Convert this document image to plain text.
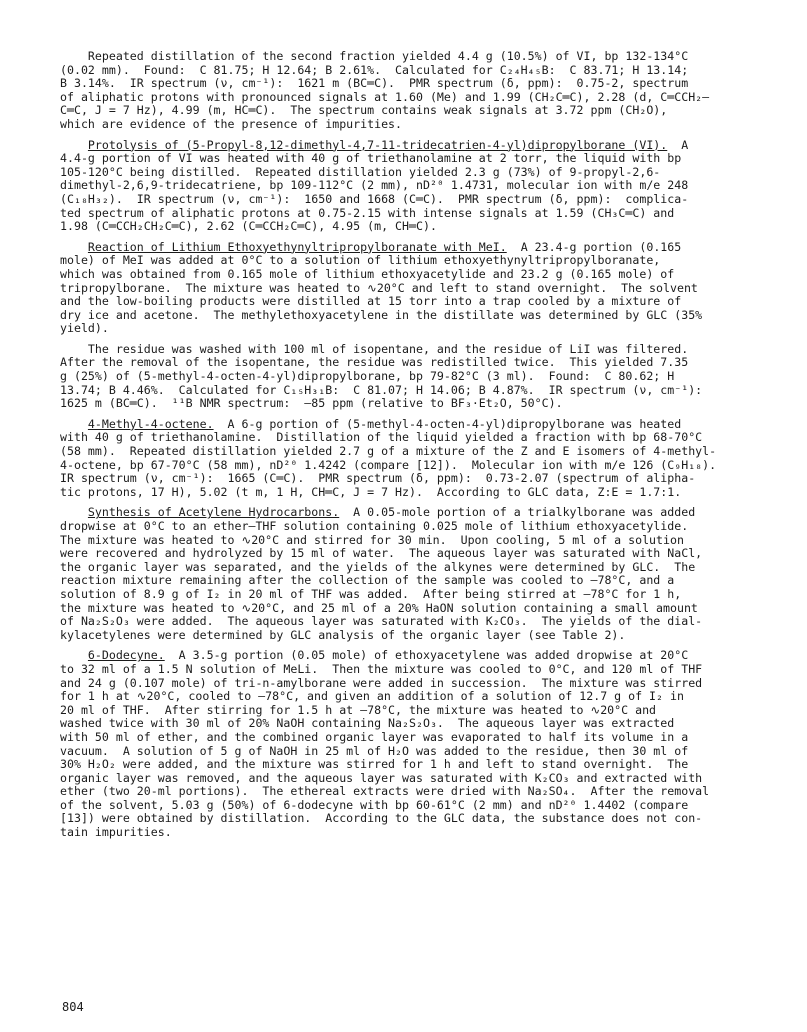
Repeated distillation of the second fraction yielded 4.4 g (10.5%) of VI, bp 132-134°C
(0.02 mm).  Found:  C 81.75; H 12.64; B 2.61%.  Calculated for C₂₄H₄₅B:  C 83.71; H 13.14;
B 3.14%.  IR spectrum (ν, cm⁻¹):  1621 m (BC═C).  PMR spectrum (δ, ppm):  0.75-2, spectrum
of aliphatic protons with pronounced signals at 1.60 (Me) and 1.99 (CH₂C═C), 2.28 (d, C═CCH₂—
C═C, J = 7 Hz), 4.99 (m, HC═C).  The spectrum contains weak signals at 3.72 ppm (CH₂O),
which are evidence of the presence of impurities.
Protolysis of (5-Propyl-8,12-dimethyl-4,7-11-tridecatrien-4-yl)dipropylborane (VI).  A
4.4-g portion of VI was heated with 40 g of triethanolamine at 2 torr, the liquid with bp
105-120°C being distilled.  Repeated distillation yielded 2.3 g (73%) of 9-propyl-2,6-
dimethyl-2,6,9-tridecatriene, bp 109-112°C (2 mm), nD²⁰ 1.4731, molecular ion with m/e 248
(C₁₈H₃₂).  IR spectrum (ν, cm⁻¹):  1650 and 1668 (C═C).  PMR spectrum (δ, ppm):  complica-
ted spectrum of aliphatic protons at 0.75-2.15 with intense signals at 1.59 (CH₃C═C) and
1.98 (C═CCH₂CH₂C═C), 2.62 (C═CCH₂C═C), 4.95 (m, CH═C).
Reaction of Lithium Ethoxyethynyltripropylboranate with MeI.  A 23.4-g portion (0.165
mole) of MeI was added at 0°C to a solution of lithium ethoxyethynyltripropylboranate,
which was obtained from 0.165 mole of lithium ethoxyacetylide and 23.2 g (0.165 mole) of
tripropylborane.  The mixture was heated to ∿20°C and left to stand overnight.  The solvent
and the low-boiling products were distilled at 15 torr into a trap cooled by a mixture of
dry ice and acetone.  The methylethoxyacetylene in the distillate was determined by GLC (35%
yield).
The residue was washed with 100 ml of isopentane, and the residue of LiI was filtered.
After the removal of the isopentane, the residue was redistilled twice.  This yielded 7.35
g (25%) of (5-methyl-4-octen-4-yl)dipropylborane, bp 79-82°C (3 ml).  Found:  C 80.62; H
13.74; B 4.46%.  Calculated for C₁₅H₃₁B:  C 81.07; H 14.06; B 4.87%.  IR spectrum (ν, cm⁻¹):
1625 m (BC═C).  ¹¹B NMR spectrum:  —85 ppm (relative to BF₃·Et₂O, 50°C).
4-Methyl-4-octene.  A 6-g portion of (5-methyl-4-octen-4-yl)dipropylborane was heated
with 40 g of triethanolamine.  Distillation of the liquid yielded a fraction with bp 68-70°C
(58 mm).  Repeated distillation yielded 2.7 g of a mixture of the Z and E isomers of 4-methyl-
4-octene, bp 67-70°C (58 mm), nD²⁰ 1.4242 (compare [12]).  Molecular ion with m/e 126 (C₉H₁₈).
IR spectrum (ν, cm⁻¹):  1665 (C═C).  PMR spectrum (δ, ppm):  0.73-2.07 (spectrum of alipha-
tic protons, 17 H), 5.02 (t m, 1 H, CH═C, J = 7 Hz).  According to GLC data, Z:E = 1.7:1.
Synthesis of Acetylene Hydrocarbons.  A 0.05-mole portion of a trialkylborane was added
dropwise at 0°C to an ether—THF solution containing 0.025 mole of lithium ethoxyacetylide.
The mixture was heated to ∿20°C and stirred for 30 min.  Upon cooling, 5 ml of a solution
were recovered and hydrolyzed by 15 ml of water.  The aqueous layer was saturated with NaCl,
the organic layer was separated, and the yields of the alkynes were determined by GLC.  The
reaction mixture remaining after the collection of the sample was cooled to —78°C, and a
solution of 8.9 g of I₂ in 20 ml of THF was added.  After being stirred at —78°C for 1 h,
the mixture was heated to ∿20°C, and 25 ml of a 20% HaON solution containing a small amount
of Na₂S₂O₃ were added.  The aqueous layer was saturated with K₂CO₃.  The yields of the dial-
kylacetylenes were determined by GLC analysis of the organic layer (see Table 2).
6-Dodecyne.  A 3.5-g portion (0.05 mole) of ethoxyacetylene was added dropwise at 20°C
to 32 ml of a 1.5 N solution of MeLi.  Then the mixture was cooled to 0°C, and 120 ml of THF
and 24 g (0.107 mole) of tri-n-amylborane were added in succession.  The mixture was stirred
for 1 h at ∿20°C, cooled to —78°C, and given an addition of a solution of 12.7 g of I₂ in
20 ml of THF.  After stirring for 1.5 h at —78°C, the mixture was heated to ∿20°C and
washed twice with 30 ml of 20% NaOH containing Na₂S₂O₃.  The aqueous layer was extracted
with 50 ml of ether, and the combined organic layer was evaporated to half its volume in a
vacuum.  A solution of 5 g of NaOH in 25 ml of H₂O was added to the residue, then 30 ml of
30% H₂O₂ were added, and the mixture was stirred for 1 h and left to stand overnight.  The
organic layer was removed, and the aqueous layer was saturated with K₂CO₃ and extracted with
ether (two 20-ml portions).  The ethereal extracts were dried with Na₂SO₄.  After the removal
of the solvent, 5.03 g (50%) of 6-dodecyne with bp 60-61°C (2 mm) and nD²⁰ 1.4402 (compare
[13]) were obtained by distillation.  According to the GLC data, the substance does not con-
tain impurities.
804
